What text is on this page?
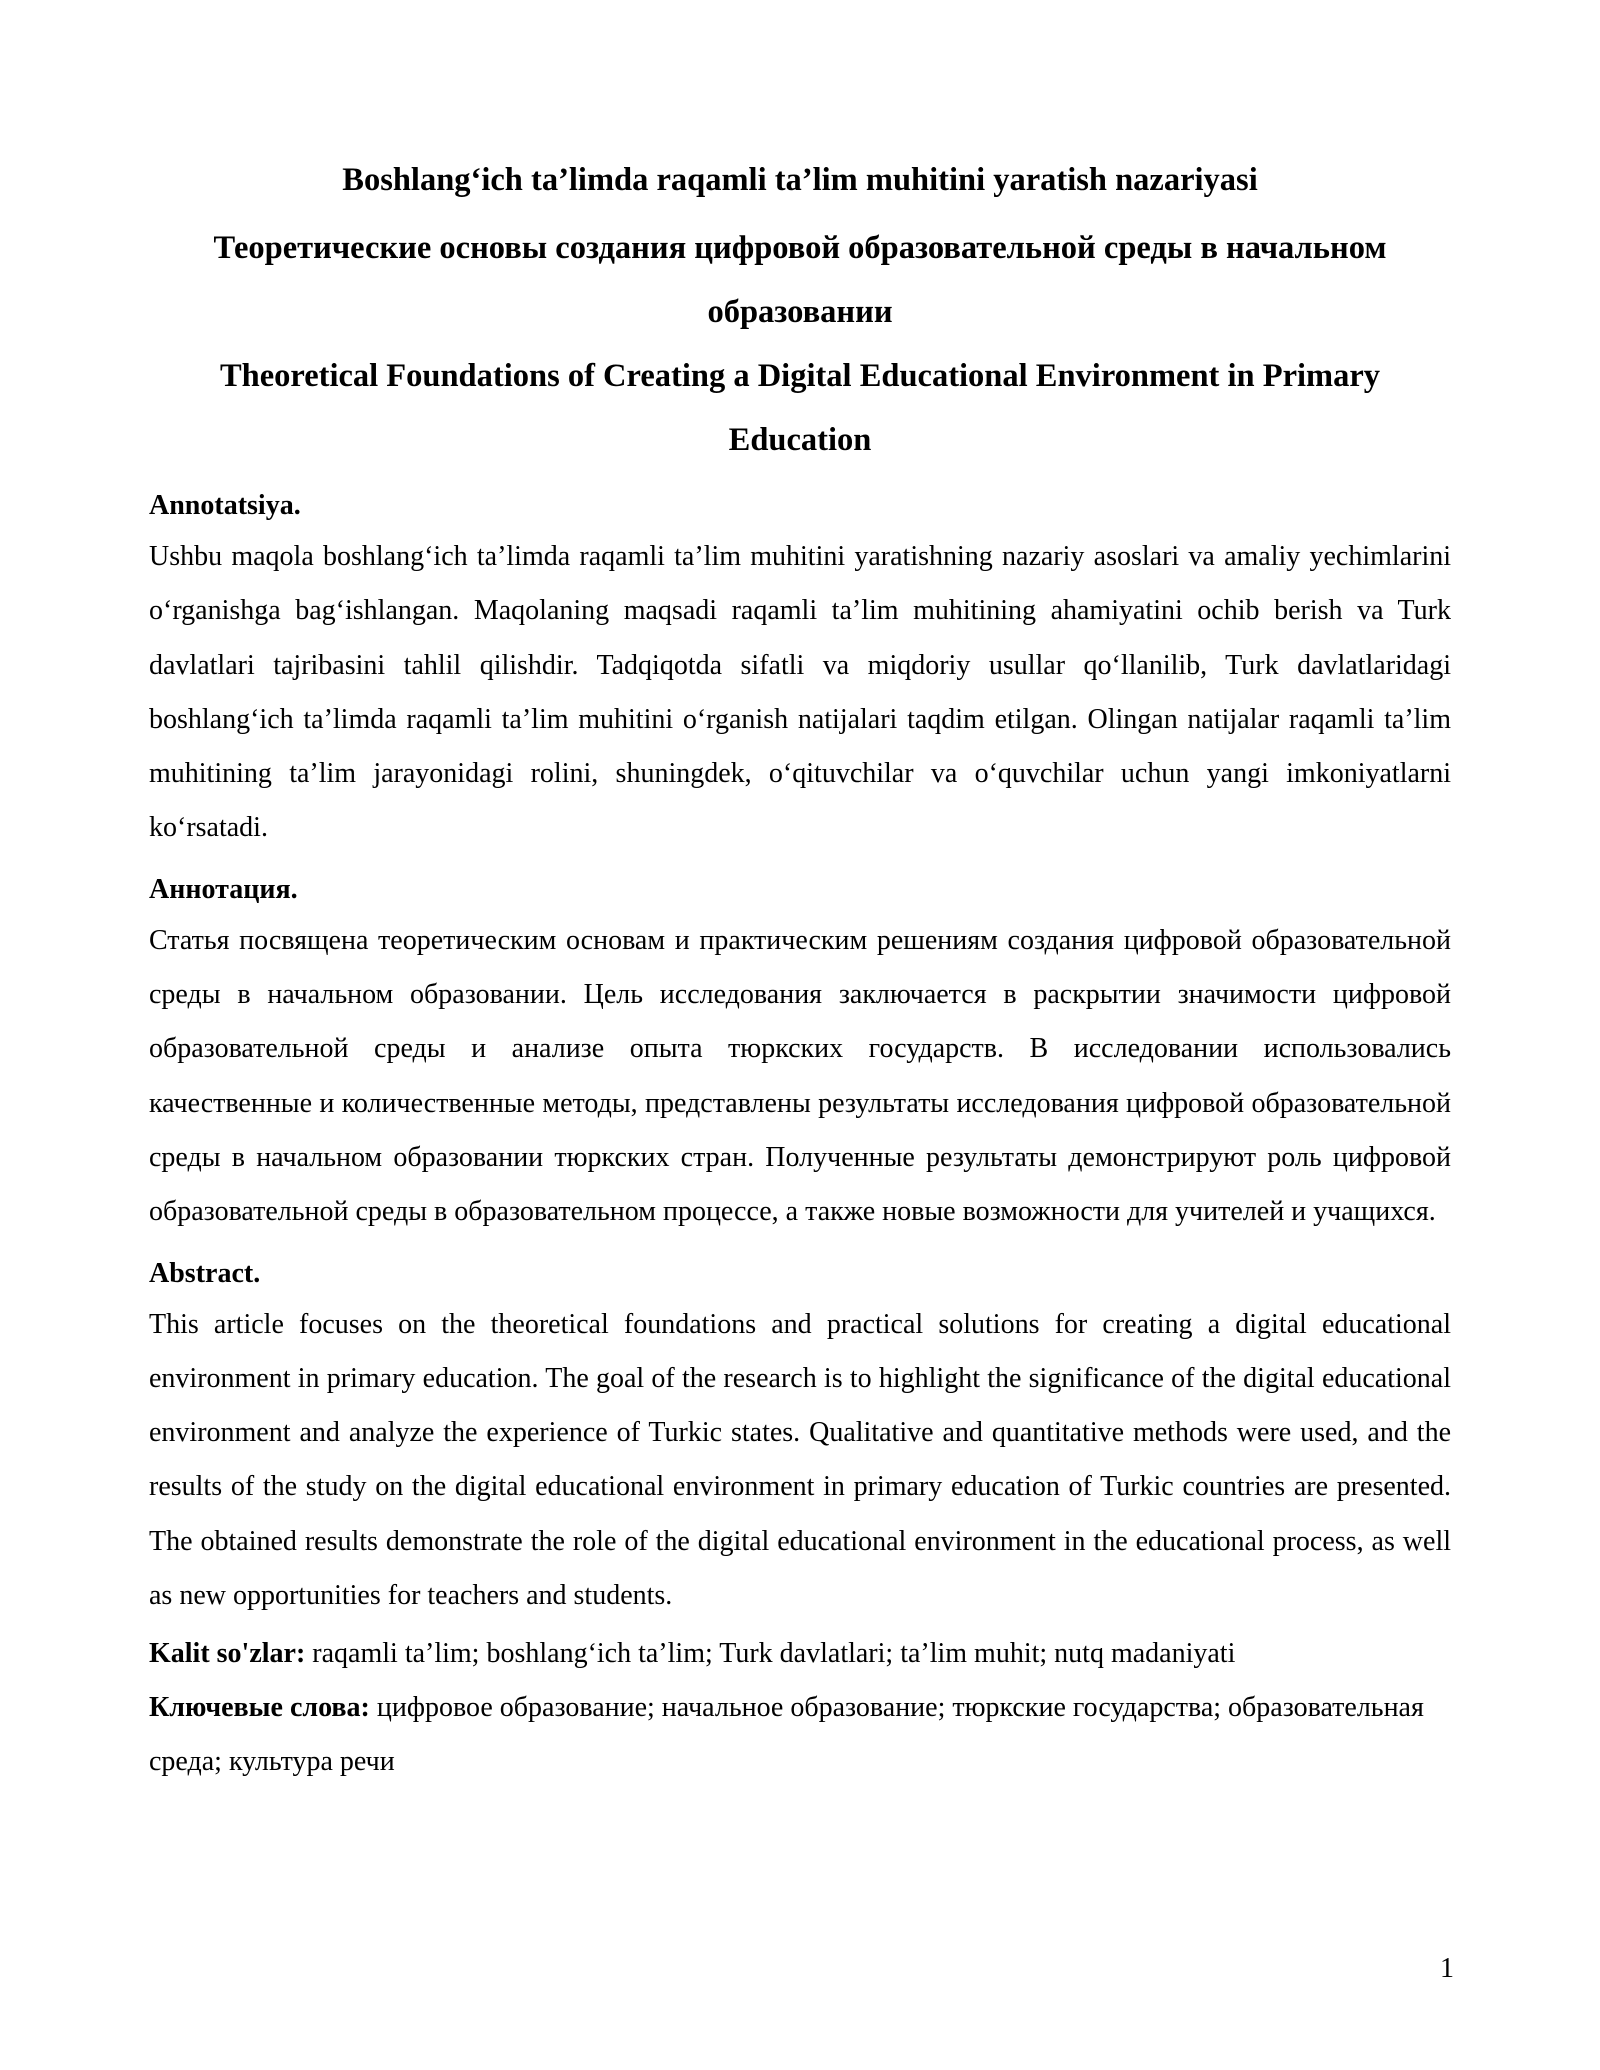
Boshlang‘ich ta’limda raqamli ta’lim muhitini yaratish nazariyasi
Теоретические основы создания цифровой образовательной среды в начальном образовании
Theoretical Foundations of Creating a Digital Educational Environment in Primary Education
Annotatsiya.

Ushbu maqola boshlang‘ich ta’limda raqamli ta’lim muhitini yaratishning nazariy asoslari va amaliy yechimlarini o‘rganishga bag‘ishlangan. Maqolaning maqsadi raqamli ta’lim muhitining ahamiyatini ochib berish va Turk davlatlari tajribasini tahlil qilishdir. Tadqiqotda sifatli va miqdoriy usullar qo‘llanilib, Turk davlatlaridagi boshlang‘ich ta’limda raqamli ta’lim muhitini o‘rganish natijalari taqdim etilgan. Olingan natijalar raqamli ta’lim muhitining ta’lim jarayonidagi rolini, shuningdek, o‘qituvchilar va o‘quvchilar uchun yangi imkoniyatlarni ko‘rsatadi.

Аннотация.

Статья посвящена теоретическим основам и практическим решениям создания цифровой образовательной среды в начальном образовании. Цель исследования заключается в раскрытии значимости цифровой образовательной среды и анализе опыта тюркских государств. В исследовании использовались качественные и количественные методы, представлены результаты исследования цифровой образовательной среды в начальном образовании тюркских стран. Полученные результаты демонстрируют роль цифровой образовательной среды в образовательном процессе, а также новые возможности для учителей и учащихся.

Abstract.

This article focuses on the theoretical foundations and practical solutions for creating a digital educational environment in primary education. The goal of the research is to highlight the significance of the digital educational environment and analyze the experience of Turkic states. Qualitative and quantitative methods were used, and the results of the study on the digital educational environment in primary education of Turkic countries are presented. The obtained results demonstrate the role of the digital educational environment in the educational process, as well as new opportunities for teachers and students.

Kalit so'zlar: raqamli ta’lim; boshlang‘ich ta’lim; Turk davlatlari; ta’lim muhit; nutq madaniyati

Ключевые слова: цифровое образование; начальное образование; тюркские государства; образовательная среда; культура речи

1
